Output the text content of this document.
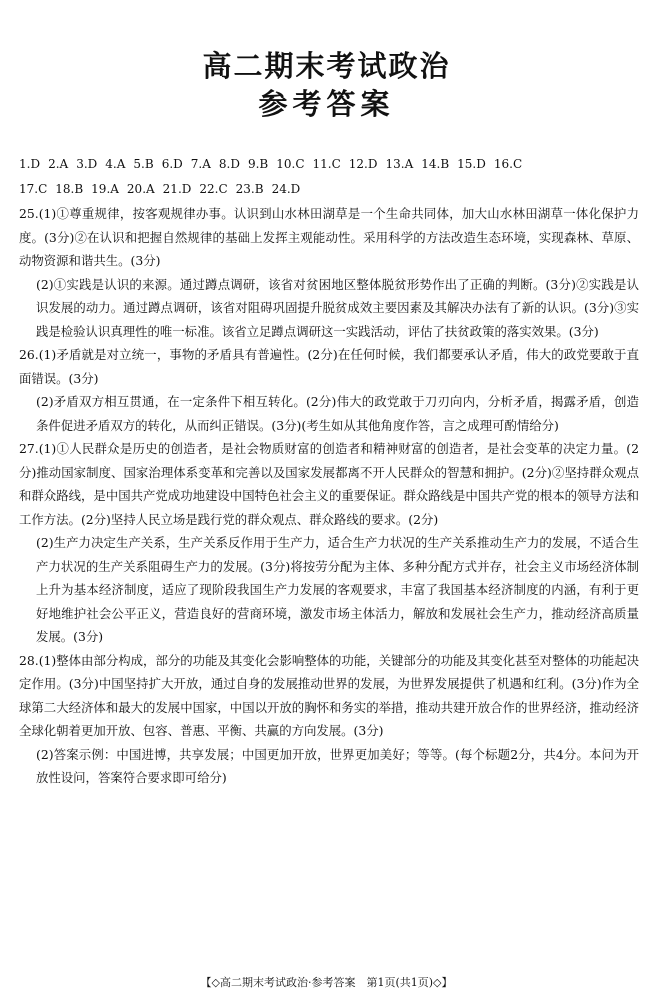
高二期末考试政治
参考答案
1.D 2.A 3.D 4.A 5.B 6.D 7.A 8.D 9.B 10.C 11.C 12.D 13.A 14.B 15.D 16.C
17.C 18.B 19.A 20.A 21.D 22.C 23.B 24.D

25.(1)①尊重规律，按客观规律办事。认识到山水林田湖草是一个生命共同体，加大山水林田湖草一体化保护力度。(3分)②在认识和把握自然规律的基础上发挥主观能动性。采用科学的方法改造生态环境，实现森林、草原、动物资源和谐共生。(3分)

(2)①实践是认识的来源。通过蹲点调研，该省对贫困地区整体脱贫形势作出了正确的判断。(3分)②实践是认识发展的动力。通过蹲点调研，该省对阻碍巩固提升脱贫成效主要因素及其解决办法有了新的认识。(3分)③实践是检验认识真理性的唯一标准。该省立足蹲点调研这一实践活动，评估了扶贫政策的落实效果。(3分)

26.(1)矛盾就是对立统一，事物的矛盾具有普遍性。(2分)在任何时候，我们都要承认矛盾，伟大的政党要敢于直面错误。(3分)

(2)矛盾双方相互贯通，在一定条件下相互转化。(2分)伟大的政党敢于刀刃向内，分析矛盾，揭露矛盾，创造条件促进矛盾双方的转化，从而纠正错误。(3分)(考生如从其他角度作答，言之成理可酌情给分)

27.(1)①人民群众是历史的创造者，是社会物质财富的创造者和精神财富的创造者，是社会变革的决定力量。(2分)推动国家制度、国家治理体系变革和完善以及国家发展都离不开人民群众的智慧和拥护。(2分)②坚持群众观点和群众路线，是中国共产党成功地建设中国特色社会主义的重要保证。群众路线是中国共产党的根本的领导方法和工作方法。(2分)坚持人民立场是践行党的群众观点、群众路线的要求。(2分)

(2)生产力决定生产关系，生产关系反作用于生产力，适合生产力状况的生产关系推动生产力的发展，不适合生产力状况的生产关系阻碍生产力的发展。(3分)将按劳分配为主体、多种分配方式并存，社会主义市场经济体制上升为基本经济制度，适应了现阶段我国生产力发展的客观要求，丰富了我国基本经济制度的内涵，有利于更好地维护社会公平正义，营造良好的营商环境，激发市场主体活力，解放和发展社会生产力，推动经济高质量发展。(3分)

28.(1)整体由部分构成，部分的功能及其变化会影响整体的功能，关键部分的功能及其变化甚至对整体的功能起决定作用。(3分)中国坚持扩大开放，通过自身的发展推动世界的发展，为世界发展提供了机遇和红利。(3分)作为全球第二大经济体和最大的发展中国家，中国以开放的胸怀和务实的举措，推动共建开放合作的世界经济，推动经济全球化朝着更加开放、包容、普惠、平衡、共赢的方向发展。(3分)

(2)答案示例：中国进博，共享发展；中国更加开放，世界更加美好；等等。(每个标题2分，共4分。本问为开放性设问，答案符合要求即可给分)

【◇高二期末考试政治·参考答案　第1页(共1页)◇】
